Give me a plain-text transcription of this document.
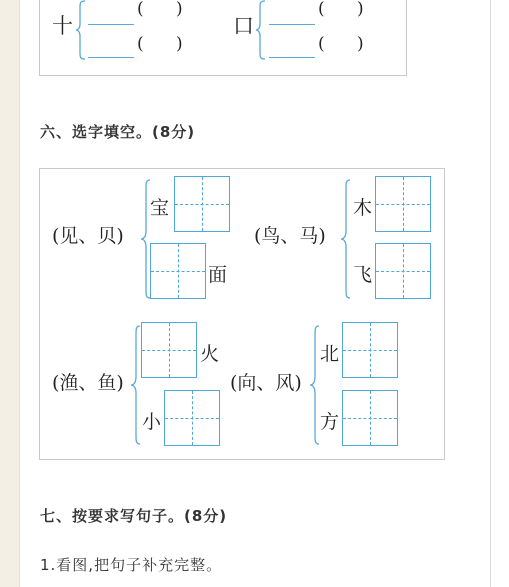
十
(      )
(      )
口
(      )
(      )
六、选字填空。(8分)
(见、贝)
宝
面
(鸟、马)
木
飞
(渔、鱼)
火
小
(向、风)
北
方
七、按要求写句子。(8分)
1.看图,把句子补充完整。
